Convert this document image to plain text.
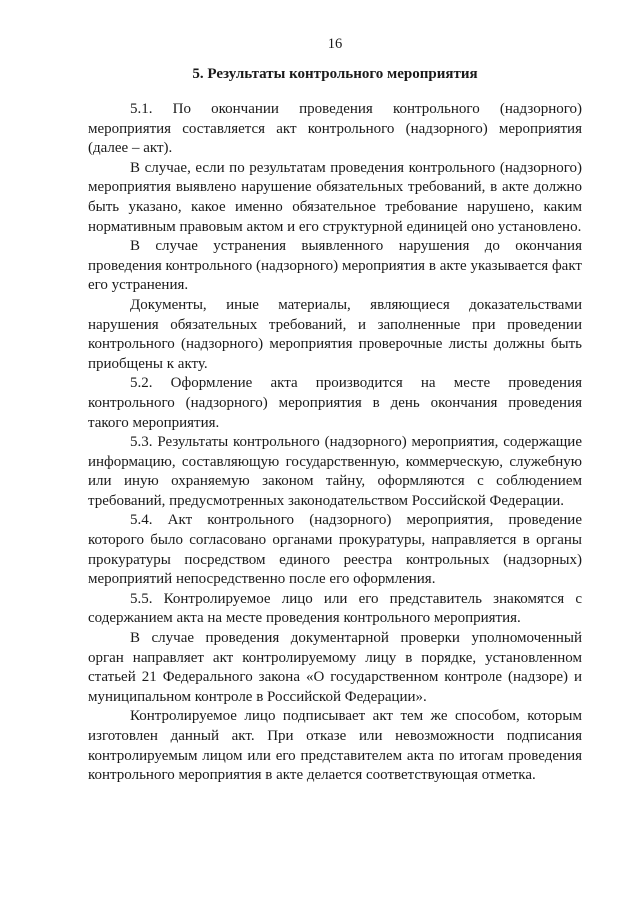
16
5. Результаты контрольного мероприятия

5.1. По окончании проведения контрольного (надзорного) мероприятия составляется акт контрольного (надзорного) мероприятия (далее – акт).

В случае, если по результатам проведения контрольного (надзорного) мероприятия выявлено нарушение обязательных требований, в акте должно быть указано, какое именно обязательное требование нарушено, каким нормативным правовым актом и его структурной единицей оно установлено.

В случае устранения выявленного нарушения до окончания проведения контрольного (надзорного) мероприятия в акте указывается факт его устранения.

Документы, иные материалы, являющиеся доказательствами нарушения обязательных требований, и заполненные при проведении контрольного (надзорного) мероприятия проверочные листы должны быть приобщены к акту.

5.2. Оформление акта производится на месте проведения контрольного (надзорного) мероприятия в день окончания проведения такого мероприятия.

5.3. Результаты контрольного (надзорного) мероприятия, содержащие информацию, составляющую государственную, коммерческую, служебную или иную охраняемую законом тайну, оформляются с соблюдением требований, предусмотренных законодательством Российской Федерации.

5.4. Акт контрольного (надзорного) мероприятия, проведение которого было согласовано органами прокуратуры, направляется в органы прокуратуры посредством единого реестра контрольных (надзорных) мероприятий непосредственно после его оформления.

5.5. Контролируемое лицо или его представитель знакомятся с содержанием акта на месте проведения контрольного мероприятия.

В случае проведения документарной проверки уполномоченный орган направляет акт контролируемому лицу в порядке, установленном статьей 21 Федерального закона «О государственном контроле (надзоре) и муниципальном контроле в Российской Федерации».

Контролируемое лицо подписывает акт тем же способом, которым изготовлен данный акт. При отказе или невозможности подписания контролируемым лицом или его представителем акта по итогам проведения контрольного мероприятия в акте делается соответствующая отметка.
